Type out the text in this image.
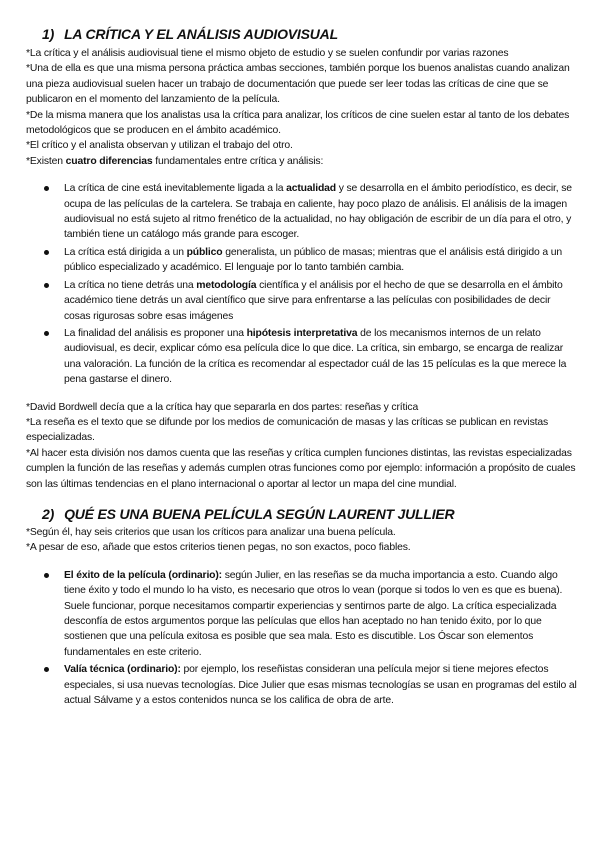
1) LA CRÍTICA Y EL ANÁLISIS AUDIOVISUAL

*La crítica y el análisis audiovisual tiene el mismo objeto de estudio y se suelen confundir por varias razones

*Una de ella es que una misma persona práctica ambas secciones, también porque los buenos analistas cuando analizan una pieza audiovisual suelen hacer un trabajo de documentación que puede ser leer todas las críticas de cine que se publicaron en el momento del lanzamiento de la película.

*De la misma manera que los analistas usa la crítica para analizar, los críticos de cine suelen estar al tanto de los debates metodológicos que se producen en el ámbito académico.

*El crítico y el analista observan y utilizan el trabajo del otro.

*Existen cuatro diferencias fundamentales entre crítica y análisis:

La crítica de cine está inevitablemente ligada a la actualidad y se desarrolla en el ámbito periodístico, es decir, se ocupa de las películas de la cartelera. Se trabaja en caliente, hay poco plazo de análisis. El análisis de la imagen audiovisual no está sujeto al ritmo frenético de la actualidad, no hay obligación de escribir de un día para el otro, y también tiene un catálogo más grande para escoger.
La crítica está dirigida a un público generalista, un público de masas; mientras que el análisis está dirigido a un público especializado y académico. El lenguaje por lo tanto también cambia.
La crítica no tiene detrás una metodología científica y el análisis por el hecho de que se desarrolla en el ámbito académico tiene detrás un aval científico que sirve para enfrentarse a las películas con posibilidades de decir cosas rigurosas sobre esas imágenes
La finalidad del análisis es proponer una hipótesis interpretativa de los mecanismos internos de un relato audiovisual, es decir, explicar cómo esa película dice lo que dice. La crítica, sin embargo, se encarga de realizar una valoración. La función de la crítica es recomendar al espectador cuál de las 15 películas es la que merece la pena gastarse el dinero.

*David Bordwell decía que a la crítica hay que separarla en dos partes: reseñas y crítica

*La reseña es el texto que se difunde por los medios de comunicación de masas y las críticas se publican en revistas especializadas.

*Al hacer esta división nos damos cuenta que las reseñas y crítica cumplen funciones distintas, las revistas especializadas cumplen la función de las reseñas y además cumplen otras funciones como por ejemplo: información a propósito de cuales son las últimas tendencias en el plano internacional o aportar al lector un mapa del cine mundial.

2) QUÉ ES UNA BUENA PELÍCULA SEGÚN LAURENT JULLIER

*Según él, hay seis criterios que usan los críticos para analizar una buena película.

*A pesar de eso, añade que estos criterios tienen pegas, no son exactos, poco fiables.

El éxito de la película (ordinario): según Julier, en las reseñas se da mucha importancia a esto. Cuando algo tiene éxito y todo el mundo lo ha visto, es necesario que otros lo vean (porque si todos lo ven es que es buena). Suele funcionar, porque necesitamos compartir experiencias y sentirnos parte de algo. La crítica especializada desconfía de estos argumentos porque las películas que ellos han aceptado no han tenido éxito, por lo que sostienen que una película exitosa es posible que sea mala. Esto es discutible. Los Óscar son elementos fundamentales en este criterio.
Valía técnica (ordinario): por ejemplo, los reseñistas consideran una película mejor si tiene mejores efectos especiales, si usa nuevas tecnologías. Dice Julier que esas mismas tecnologías se usan en programas del estilo al actual Sálvame y a estos contenidos nunca se los califica de obra de arte.
